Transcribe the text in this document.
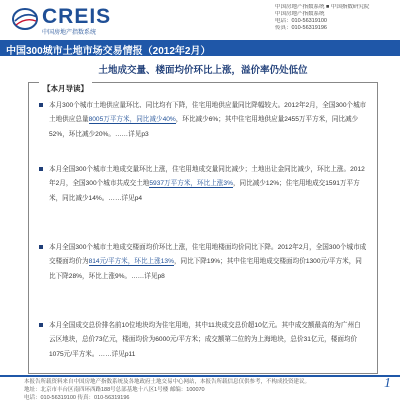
CREIS
中国房地产指数系统
中国房地产指数系统 ■ 中国指数研究院
中国房地产指数系统
电话：010-56319100
传真：010-56319196
中国300城市土地市场交易情报（2012年2月）
土地成交量、楼面均价环比上涨，溢价率仍处低位
【本月导读】
本月300个城市土地供应量环比、同比均有下降，住宅用地供应量同比降幅较大。2012年2月，全国300个城市土地供应总量8005万平方米，同比减少40%，环比减少6%；其中住宅用地供应量2455万平方米，同比减少52%，环比减少20%。……详见p3
本月全国300个城市土地成交量环比上涨，住宅用地成交量同比减少；土地出让金同比减少，环比上涨。2012年2月，全国300个城市共成交土地5937万平方米，环比上涨3%，同比减少12%；住宅用地成交1591万平方米，同比减少14%。……详见p4
本月全国300个城市土地成交楼面均价环比上涨，住宅用地楼面均价同比下降。2012年2月，全国300个城市成交楼面均价为814元/平方米，环比上涨13%，同比下降19%；其中住宅用地成交楼面均价1300元/平方米，同比下降28%，环比上涨9%。……详见p8
本月全国成交总价排名前10位地块均为住宅用地，其中11块成交总价超10亿元。其中成交额最高的为广州白云区地块，总价73亿元，楼面均价为6000元/平方米；成交额第二位的为上海地块，总价31亿元，楼面均价1075元/平方米。……详见p11
本报告所载资料来自中国房地产指数系统及各地政府土地交易中心网站，本报告所载信息仅供参考，不构成投资建议。
地址：北京市丰台区南四环西路188号总部基地十八区1号楼 邮编：100070
电话：010-56319100 传真：010-56319196
1
